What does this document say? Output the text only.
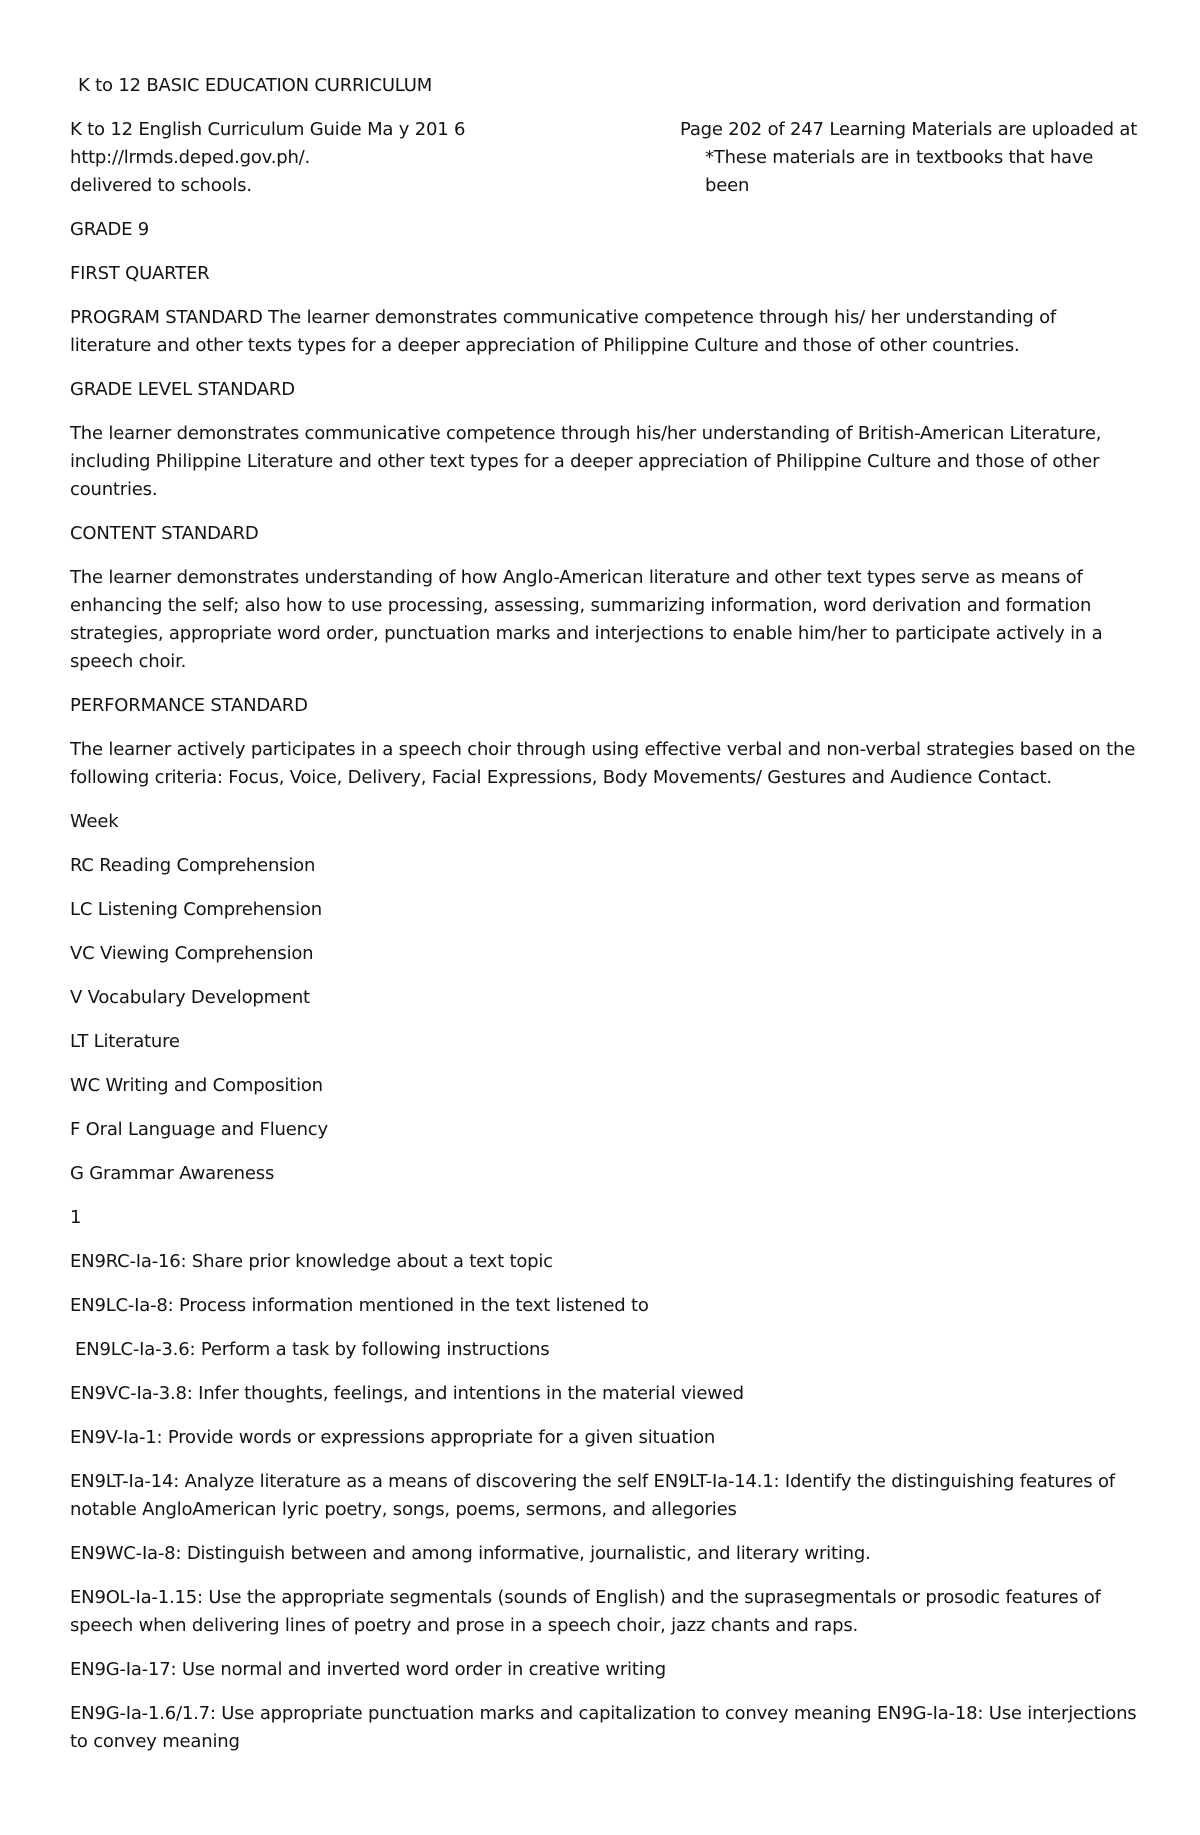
K to 12 BASIC EDUCATION CURRICULUM

K to 12 English Curriculum Guide Ma y 201 6	Page 202 of 247 Learning Materials are uploaded at
http://lrmds.deped.gov.ph/.	*These materials are in textbooks that have been

delivered to schools.

GRADE 9

FIRST QUARTER

PROGRAM STANDARD The learner demonstrates communicative competence through his/ her understanding of literature and other texts types for a deeper appreciation of Philippine Culture and those of other countries.

GRADE LEVEL STANDARD

The learner demonstrates communicative competence through his/her understanding of British-American Literature, including Philippine Literature and other text types for a deeper appreciation of Philippine Culture and those of other countries.

CONTENT STANDARD

The learner demonstrates understanding of how Anglo-American literature and other text types serve as means of enhancing the self; also how to use processing, assessing, summarizing information, word derivation and formation strategies, appropriate word order, punctuation marks and interjections to enable him/her to participate actively in a speech choir.

PERFORMANCE STANDARD

The learner actively participates in a speech choir through using effective verbal and non-verbal strategies based on the following criteria: Focus, Voice, Delivery, Facial Expressions, Body Movements/ Gestures and Audience Contact.

Week

RC Reading Comprehension

LC Listening Comprehension

VC Viewing Comprehension

V Vocabulary Development

LT Literature

WC Writing and Composition

F Oral Language and Fluency

G Grammar Awareness

1

EN9RC-Ia-16: Share prior knowledge about a text topic

EN9LC-Ia-8: Process information mentioned in the text listened to

EN9LC-Ia-3.6: Perform a task by following instructions

EN9VC-Ia-3.8: Infer thoughts, feelings, and intentions in the material viewed

EN9V-Ia-1: Provide words or expressions appropriate for a given situation

EN9LT-Ia-14: Analyze literature as a means of discovering the self EN9LT-Ia-14.1: Identify the distinguishing features of notable AngloAmerican lyric poetry, songs, poems, sermons, and allegories

EN9WC-Ia-8: Distinguish between and among informative, journalistic, and literary writing.

EN9OL-Ia-1.15: Use the appropriate segmentals (sounds of English) and the suprasegmentals or prosodic features of speech when delivering lines of poetry and prose in a speech choir, jazz chants and raps.

EN9G-Ia-17: Use normal and inverted word order in creative writing

EN9G-Ia-1.6/1.7: Use appropriate punctuation marks and capitalization to convey meaning EN9G-Ia-18: Use interjections to convey meaning
